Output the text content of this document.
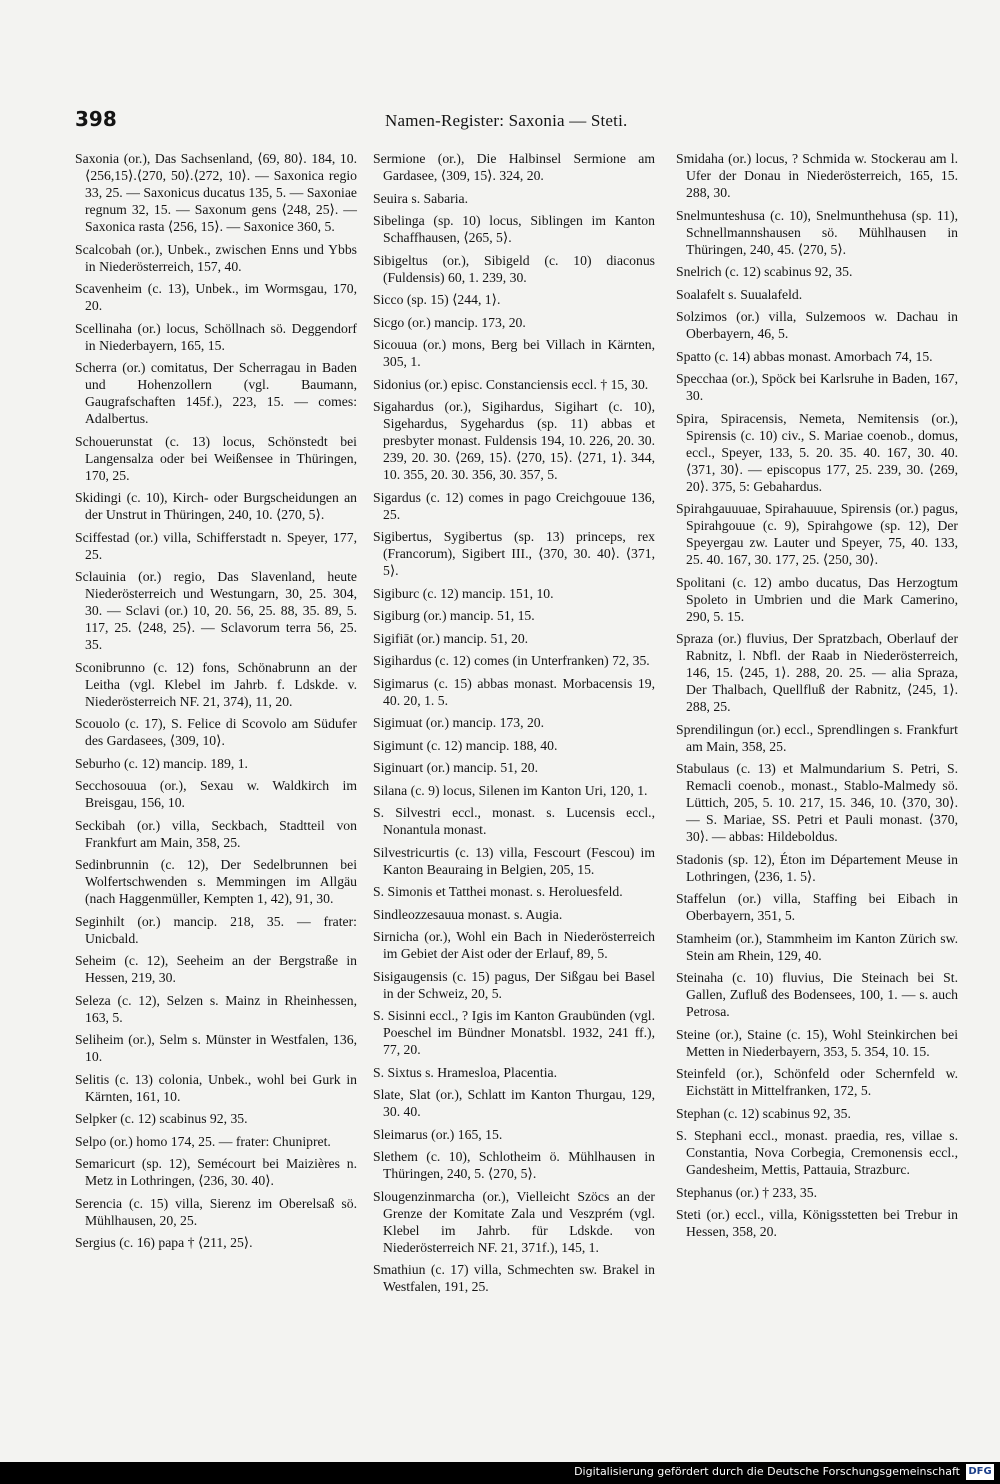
398	Namen-Register: Saxonia — Steti.
Saxonia (or.), Das Sachsenland, ⟨69, 80⟩. 184, 10. ⟨256,15⟩.⟨270, 50⟩.⟨272, 10⟩. — Saxonica regio 33, 25. — Saxonicus ducatus 135, 5. — Saxoniae regnum 32, 15. — Saxonum gens ⟨248, 25⟩. — Saxonica rasta ⟨256, 15⟩. — Saxonice 360, 5.
Scalcobah (or.), Unbek., zwischen Enns und Ybbs in Niederösterreich, 157, 40.
Scavenheim (c. 13), Unbek., im Wormsgau, 170, 20.
Scellinaha (or.) locus, Schöllnach sö. Deggendorf in Niederbayern, 165, 15.
Scherra (or.) comitatus, Der Scherragau in Baden und Hohenzollern (vgl. Baumann, Gaugrafschaften 145f.), 223, 15. — comes: Adalbertus.
Schouerunstat (c. 13) locus, Schönstedt bei Langensalza oder bei Weißensee in Thüringen, 170, 25.
Skidingi (c. 10), Kirch- oder Burgscheidungen an der Unstrut in Thüringen, 240, 10. ⟨270, 5⟩.
Sciffestad (or.) villa, Schifferstadt n. Speyer, 177, 25.
Sclauinia (or.) regio, Das Slavenland, heute Niederösterreich und Westungarn, 30, 25. 304, 30. — Sclavi (or.) 10, 20. 56, 25. 88, 35. 89, 5. 117, 25. ⟨248, 25⟩. — Sclavorum terra 56, 25. 35.
Sconibrunno (c. 12) fons, Schönabrunn an der Leitha (vgl. Klebel im Jahrb. f. Ldskde. v. Niederösterreich NF. 21, 374), 11, 20.
Scouolo (c. 17), S. Felice di Scovolo am Südufer des Gardasees, ⟨309, 10⟩.
Seburho (c. 12) mancip. 189, 1.
Secchosouua (or.), Sexau w. Waldkirch im Breisgau, 156, 10.
Seckibah (or.) villa, Seckbach, Stadtteil von Frankfurt am Main, 358, 25.
Sedinbrunnin (c. 12), Der Sedelbrunnen bei Wolfertschwenden s. Memmingen im Allgäu (nach Haggenmüller, Kempten 1, 42), 91, 30.
Seginhilt (or.) mancip. 218, 35. — frater: Unicbald.
Seheim (c. 12), Seeheim an der Bergstraße in Hessen, 219, 30.
Seleza (c. 12), Selzen s. Mainz in Rheinhessen, 163, 5.
Seliheim (or.), Selm s. Münster in Westfalen, 136, 10.
Selitis (c. 13) colonia, Unbek., wohl bei Gurk in Kärnten, 161, 10.
Selpker (c. 12) scabinus 92, 35.
Selpo (or.) homo 174, 25. — frater: Chunipret.
Semaricurt (sp. 12), Semécourt bei Maizières n. Metz in Lothringen, ⟨236, 30. 40⟩.
Serencia (c. 15) villa, Sierenz im Oberelsaß sö. Mühlhausen, 20, 25.
Sergius (c. 16) papa † ⟨211, 25⟩.
Sermione (or.), Die Halbinsel Sermione am Gardasee, ⟨309, 15⟩. 324, 20.
Seuira s. Sabaria.
Sibelinga (sp. 10) locus, Siblingen im Kanton Schaffhausen, ⟨265, 5⟩.
Sibigeltus (or.), Sibigeld (c. 10) diaconus (Fuldensis) 60, 1. 239, 30.
Sicco (sp. 15) ⟨244, 1⟩.
Sicgo (or.) mancip. 173, 20.
Sicouua (or.) mons, Berg bei Villach in Kärnten, 305, 1.
Sidonius (or.) episc. Constanciensis eccl. † 15, 30.
Sigahardus (or.), Sigihardus, Sigihart (c. 10), Sigehardus, Sygehardus (sp. 11) abbas et presbyter monast. Fuldensis 194, 10. 226, 20. 30. 239, 20. 30. ⟨269, 15⟩. ⟨270, 15⟩. ⟨271, 1⟩. 344, 10. 355, 20. 30. 356, 30. 357, 5.
Sigardus (c. 12) comes in pago Creichgouue 136, 25.
Sigibertus, Sygibertus (sp. 13) princeps, rex (Francorum), Sigibert III., ⟨370, 30. 40⟩. ⟨371, 5⟩.
Sigiburc (c. 12) mancip. 151, 10.
Sigiburg (or.) mancip. 51, 15.
Sigifiāt (or.) mancip. 51, 20.
Sigihardus (c. 12) comes (in Unterfranken) 72, 35.
Sigimarus (c. 15) abbas monast. Morbacensis 19, 40. 20, 1. 5.
Sigimuat (or.) mancip. 173, 20.
Sigimunt (c. 12) mancip. 188, 40.
Siginuart (or.) mancip. 51, 20.
Silana (c. 9) locus, Silenen im Kanton Uri, 120, 1.
S. Silvestri eccl., monast. s. Lucensis eccl., Nonantula monast.
Silvestricurtis (c. 13) villa, Fescourt (Fescou) im Kanton Beauraing in Belgien, 205, 15.
S. Simonis et Tatthei monast. s. Heroluesfeld.
Sindleozzesauua monast. s. Augia.
Sirnicha (or.), Wohl ein Bach in Niederösterreich im Gebiet der Aist oder der Erlauf, 89, 5.
Sisigaugensis (c. 15) pagus, Der Sißgau bei Basel in der Schweiz, 20, 5.
S. Sisinni eccl., ? Igis im Kanton Graubünden (vgl. Poeschel im Bündner Monatsbl. 1932, 241 ff.), 77, 20.
S. Sixtus s. Hramesloa, Placentia.
Slate, Slat (or.), Schlatt im Kanton Thurgau, 129, 30. 40.
Sleimarus (or.) 165, 15.
Slethem (c. 10), Schlotheim ö. Mühlhausen in Thüringen, 240, 5. ⟨270, 5⟩.
Slougenzinmarcha (or.), Vielleicht Szöcs an der Grenze der Komitate Zala und Veszprém (vgl. Klebel im Jahrb. für Ldskde. von Niederösterreich NF. 21, 371f.), 145, 1.
Smathiun (c. 17) villa, Schmechten sw. Brakel in Westfalen, 191, 25.
Smidaha (or.) locus, ? Schmida w. Stockerau am l. Ufer der Donau in Niederösterreich, 165, 15. 288, 30.
Snelmunteshusa (c. 10), Snelmunthehusa (sp. 11), Schnellmannshausen sö. Mühlhausen in Thüringen, 240, 45. ⟨270, 5⟩.
Snelrich (c. 12) scabinus 92, 35.
Soalafelt s. Suualafeld.
Solzimos (or.) villa, Sulzemoos w. Dachau in Oberbayern, 46, 5.
Spatto (c. 14) abbas monast. Amorbach 74, 15.
Specchaa (or.), Spöck bei Karlsruhe in Baden, 167, 30.
Spira, Spiracensis, Nemeta, Nemitensis (or.), Spirensis (c. 10) civ., S. Mariae coenob., domus, eccl., Speyer, 133, 5. 20. 35. 40. 167, 30. 40. ⟨371, 30⟩. — episcopus 177, 25. 239, 30. ⟨269, 20⟩. 375, 5: Gebahardus.
Spirahgauuuae, Spirahauuue, Spirensis (or.) pagus, Spirahgouue (c. 9), Spirahgowe (sp. 12), Der Speyergau zw. Lauter und Speyer, 75, 40. 133, 25. 40. 167, 30. 177, 25. ⟨250, 30⟩.
Spolitani (c. 12) ambo ducatus, Das Herzogtum Spoleto in Umbrien und die Mark Camerino, 290, 5. 15.
Spraza (or.) fluvius, Der Spratzbach, Oberlauf der Rabnitz, l. Nbfl. der Raab in Niederösterreich, 146, 15. ⟨245, 1⟩. 288, 20. 25. — alia Spraza, Der Thalbach, Quellfluß der Rabnitz, ⟨245, 1⟩. 288, 25.
Sprendilingun (or.) eccl., Sprendlingen s. Frankfurt am Main, 358, 25.
Stabulaus (c. 13) et Malmundarium S. Petri, S. Remacli coenob., monast., Stablo-Malmedy sö. Lüttich, 205, 5. 10. 217, 15. 346, 10. ⟨370, 30⟩. — S. Mariae, SS. Petri et Pauli monast. ⟨370, 30⟩. — abbas: Hildeboldus.
Stadonis (sp. 12), Éton im Département Meuse in Lothringen, ⟨236, 1. 5⟩.
Staffelun (or.) villa, Staffing bei Eibach in Oberbayern, 351, 5.
Stamheim (or.), Stammheim im Kanton Zürich sw. Stein am Rhein, 129, 40.
Steinaha (c. 10) fluvius, Die Steinach bei St. Gallen, Zufluß des Bodensees, 100, 1. — s. auch Petrosa.
Steine (or.), Staine (c. 15), Wohl Steinkirchen bei Metten in Niederbayern, 353, 5. 354, 10. 15.
Steinfeld (or.), Schönfeld oder Schernfeld w. Eichstätt in Mittelfranken, 172, 5.
Stephan (c. 12) scabinus 92, 35.
S. Stephani eccl., monast. praedia, res, villae s. Constantia, Nova Corbegia, Cremonensis eccl., Gandesheim, Mettis, Pattauia, Strazburc.
Stephanus (or.) † 233, 35.
Steti (or.) eccl., villa, Königsstetten bei Trebur in Hessen, 358, 20.
Digitalisierung gefördert durch die Deutsche Forschungsgemeinschaft DFG
